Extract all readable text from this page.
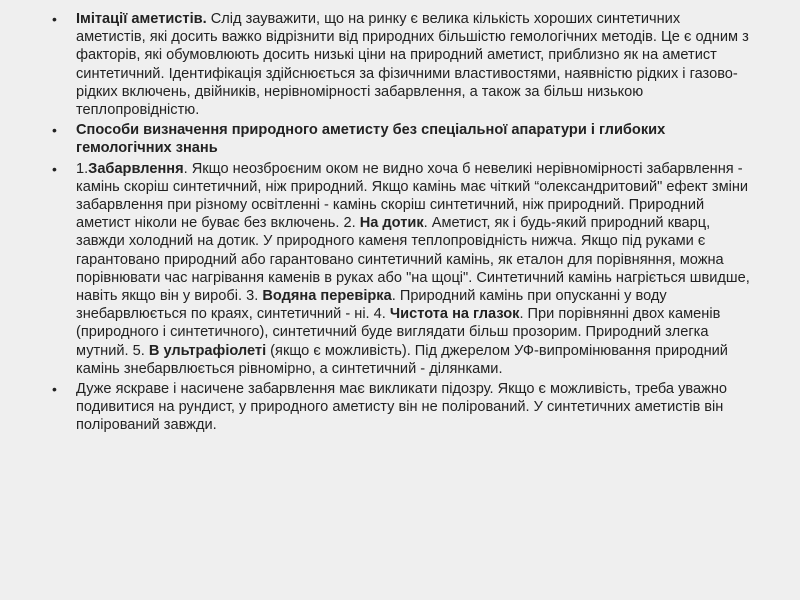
•	Імітації аметистів. Слід зауважити, що на ринку є велика кількість хороших синтетичних аметистів, які досить важко відрізнити від природних більшістю гемологічних методів. Це є одним з факторів, які обумовлюють досить низькі ціни на природний аметист, приблизно як на аметист синтетичний. Ідентифікація здійснюється за фізичними властивостями, наявністю рідких і газово-рідких включень, двійників, нерівномірності забарвлення, а також за більш низькою теплопровідністю.
•	Способи визначення природного аметисту без спеціальної апаратури і глибоких гемологічних знань
•	1.Забарвлення. Якщо неозброєним оком не видно хоча б невеликі нерівномірності забарвлення - камінь скоріш синтетичний, ніж природний. Якщо камінь має чіткий “олександритовий" ефект зміни забарвлення при різному освітленні - камінь скоріш синтетичний, ніж природний. Природний аметист ніколи не буває без включень. 2. На дотик. Аметист, як і будь-який природний кварц, завжди холодний на дотик. У природного каменя теплопровідність нижча. Якщо під руками є гарантовано природний або гарантовано синтетичний камінь, як еталон для порівняння, можна порівнювати час нагрівання каменів в руках або "на щоці". Синтетичний камінь нагріється швидше, навіть якщо він у виробі. 3. Водяна перевірка. Природний камінь при опусканні у воду знебарвлюється по краях, синтетичний - ні. 4. Чистота на глазок. При порівнянні двох каменів (природного і синтетичного), синтетичний буде виглядати більш прозорим. Природний злегка мутний. 5. В ультрафіолеті (якщо є можливість). Під джерелом УФ-випромінювання природний камінь знебарвлюється рівномірно, а синтетичний - ділянками.
•	Дуже яскраве і насичене забарвлення має викликати підозру. Якщо є можливість, треба уважно подивитися на рундист, у природного аметисту він не полірований. У синтетичних аметистів він полірований завжди.
